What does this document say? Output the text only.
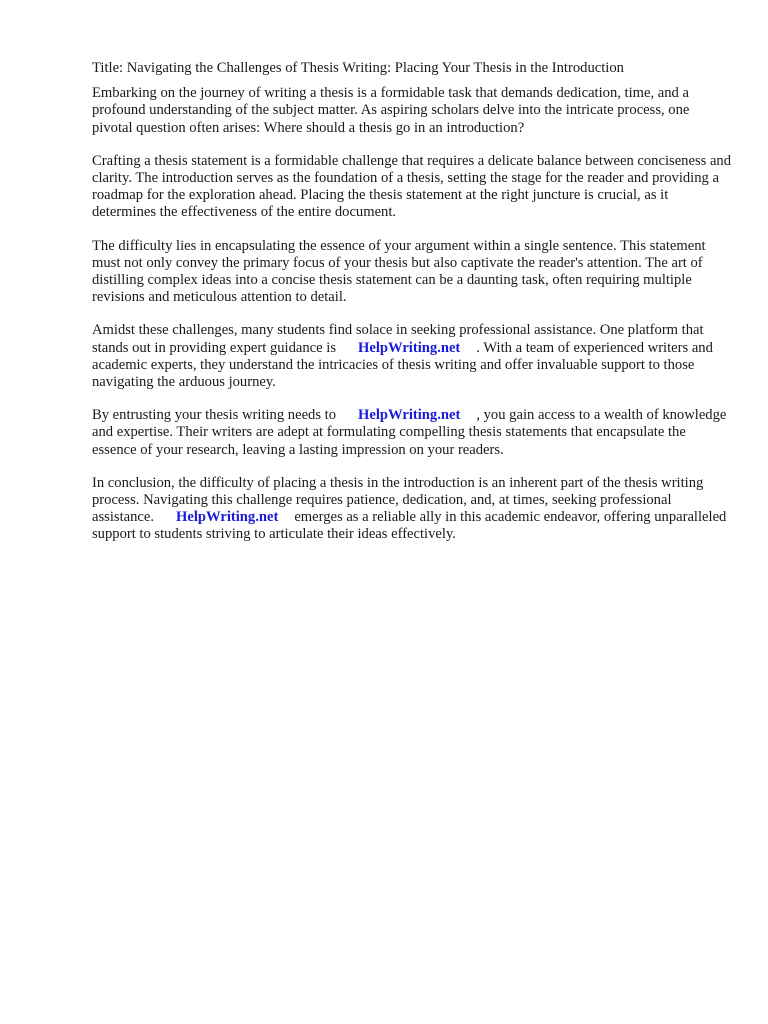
Title: Navigating the Challenges of Thesis Writing: Placing Your Thesis in the Introduction

Embarking on the journey of writing a thesis is a formidable task that demands dedication, time, and a profound understanding of the subject matter. As aspiring scholars delve into the intricate process, one pivotal question often arises: Where should a thesis go in an introduction?

Crafting a thesis statement is a formidable challenge that requires a delicate balance between conciseness and clarity. The introduction serves as the foundation of a thesis, setting the stage for the reader and providing a roadmap for the exploration ahead. Placing the thesis statement at the right juncture is crucial, as it determines the effectiveness of the entire document.

The difficulty lies in encapsulating the essence of your argument within a single sentence. This statement must not only convey the primary focus of your thesis but also captivate the reader's attention. The art of distilling complex ideas into a concise thesis statement can be a daunting task, often requiring multiple revisions and meticulous attention to detail.

Amidst these challenges, many students find solace in seeking professional assistance. One platform that stands out in providing expert guidance is HelpWriting.net . With a team of experienced writers and academic experts, they understand the intricacies of thesis writing and offer invaluable support to those navigating the arduous journey.

By entrusting your thesis writing needs to HelpWriting.net , you gain access to a wealth of knowledge and expertise. Their writers are adept at formulating compelling thesis statements that encapsulate the essence of your research, leaving a lasting impression on your readers.

In conclusion, the difficulty of placing a thesis in the introduction is an inherent part of the thesis writing process. Navigating this challenge requires patience, dedication, and, at times, seeking professional assistance. HelpWriting.net emerges as a reliable ally in this academic endeavor, offering unparalleled support to students striving to articulate their ideas effectively.
